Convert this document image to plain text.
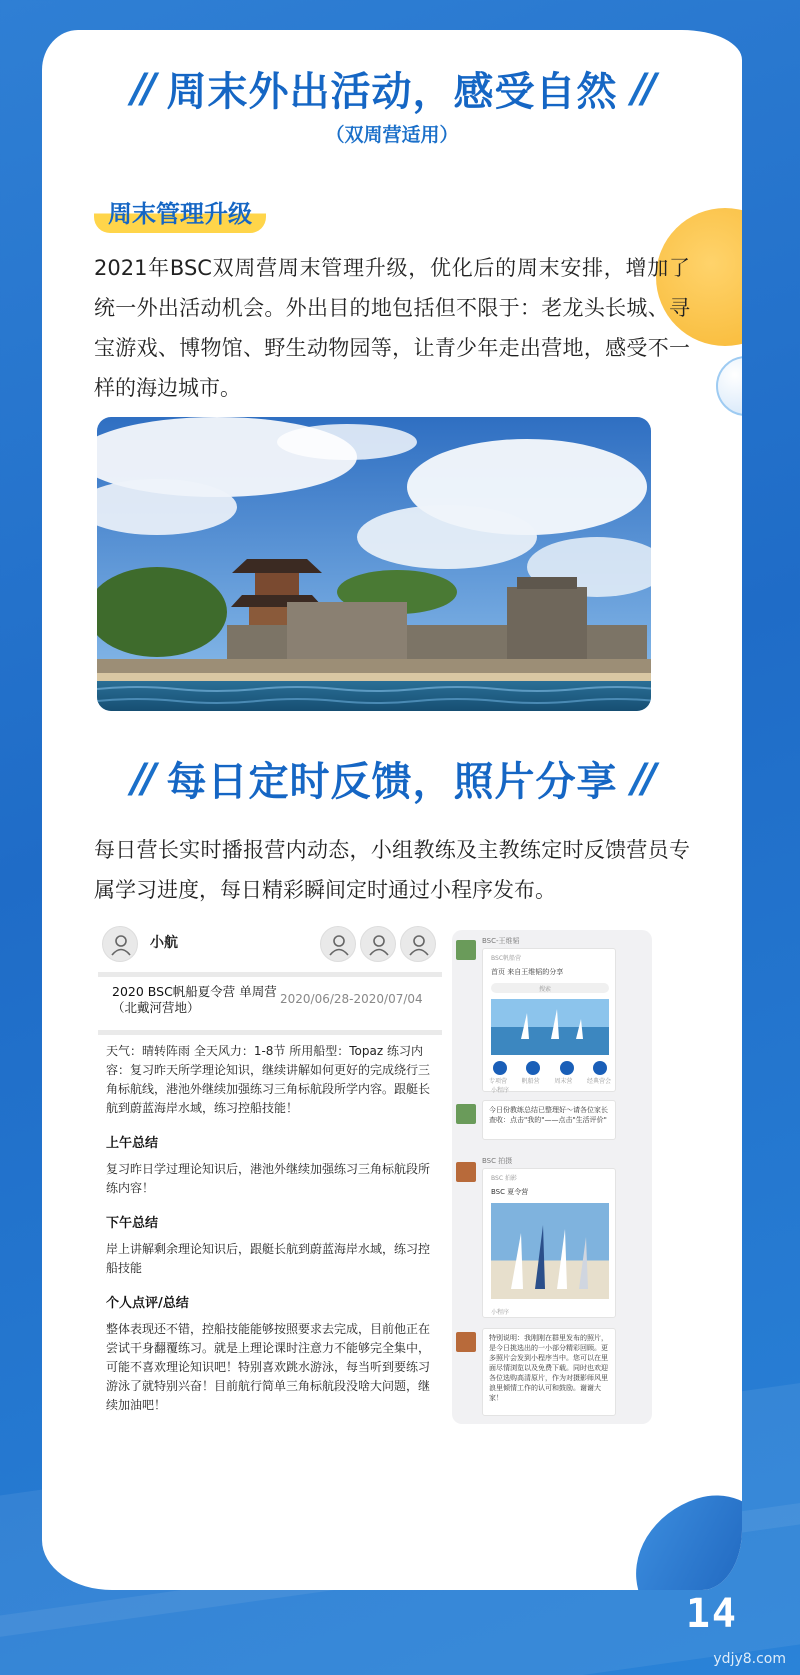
// 周末外出活动，感受自然 //
（双周营适用）
周末管理升级
2021年BSC双周营周末管理升级，优化后的周末安排，增加了统一外出活动机会。外出目的地包括但不限于：老龙头长城、寻宝游戏、博物馆、野生动物园等，让青少年走出营地，感受不一样的海边城市。
// 每日定时反馈，照片分享 //
每日营长实时播报营内动态，小组教练及主教练定时反馈营员专属学习进度，每日精彩瞬间定时通过小程序发布。
小航
2020 BSC帆船夏令营 单周营（北戴河营地）
2020/06/28-2020/07/04
天气：晴转阵雨 全天风力：1-8节 所用船型：Topaz 练习内容：复习昨天所学理论知识，继续讲解如何更好的完成绕行三角标航线，港池外继续加强练习三角标航段所学内容。跟艇长航到蔚蓝海岸水域，练习控船技能！
上午总结
复习昨日学过理论知识后，港池外继续加强练习三角标航段所练内容！
下午总结
岸上讲解剩余理论知识后，跟艇长航到蔚蓝海岸水域，练习控船技能
个人点评/总结
整体表现还不错，控船技能能够按照要求去完成，目前他正在尝试干身翻覆练习。就是上理论课时注意力不能够完全集中，可能不喜欢理论知识吧！特别喜欢跳水游泳，每当听到要练习游泳了就特别兴奋！目前航行简单三角标航段没啥大问题，继续加油吧！
BSC-王维韬
BSC帆船营
首页 来自王维韬的分享
搜索
专项营 帆船营 周末营 经典营会
小程序
今日份教练总结已整理好～请各位家长查收：点击"我的"——点击"生活评价"
BSC 拍摄
BSC 拍影
BSC 夏令营
小程序
特别说明：我刚刚在群里发布的照片，是今日挑选出的一小部分精彩回顾。更多照片会发到小程序当中。您可以在里面尽情浏览以及免费下载。同时也欢迎各位选购高清原片，作为对摄影师风里浪里倾情工作的认可和鼓励。谢谢大家！
14
ydjy8.com
